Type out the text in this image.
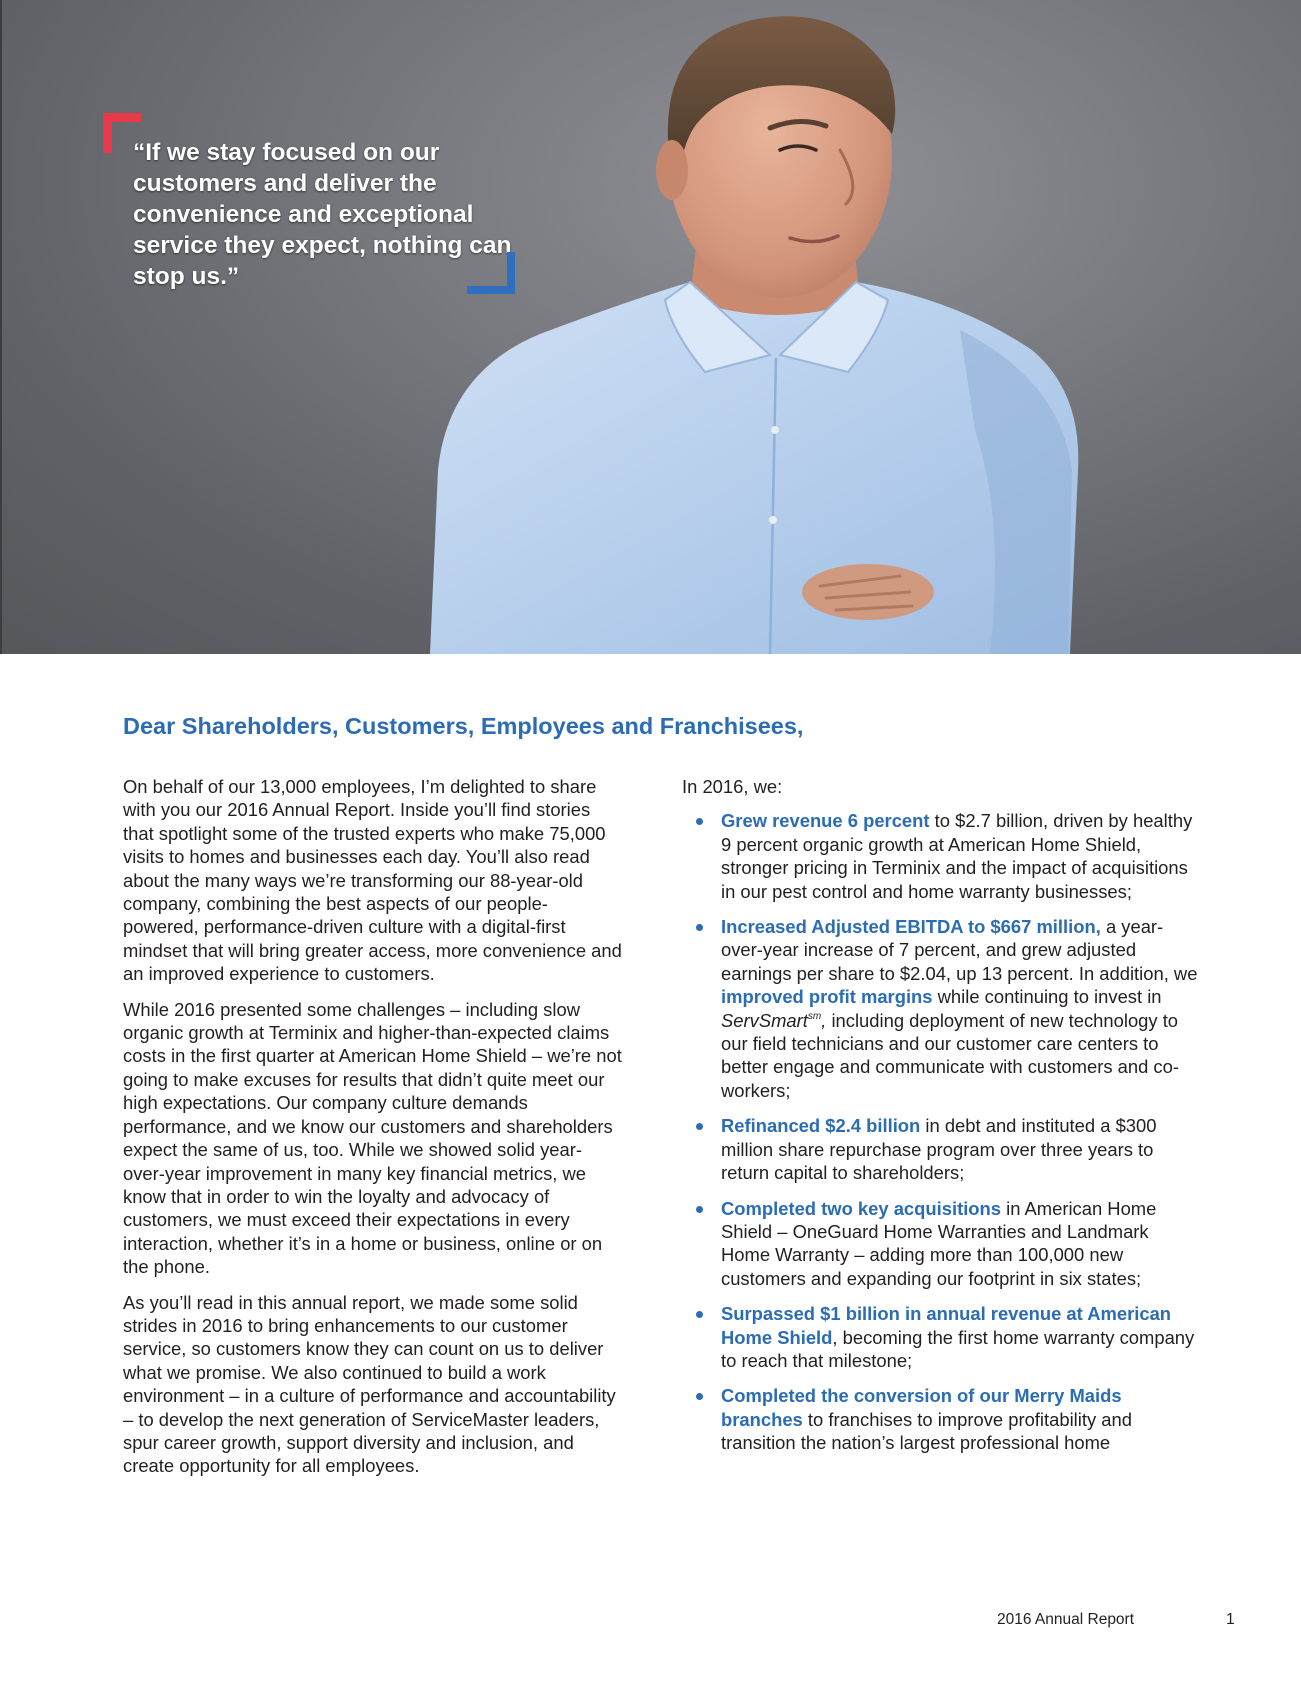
“If we stay focused on our customers and deliver the convenience and exceptional service they expect, nothing can stop us.”

Dear Shareholders, Customers, Employees and Franchisees,

On behalf of our 13,000 employees, I’m delighted to share with you our 2016 Annual Report. Inside you’ll find stories that spotlight some of the trusted experts who make 75,000 visits to homes and businesses each day. You’ll also read about the many ways we’re transforming our 88-year-old company, combining the best aspects of our people-powered, performance-driven culture with a digital-first mindset that will bring greater access, more convenience and an improved experience to customers.

While 2016 presented some challenges – including slow organic growth at Terminix and higher-than-expected claims costs in the first quarter at American Home Shield – we’re not going to make excuses for results that didn’t quite meet our high expectations. Our company culture demands performance, and we know our customers and shareholders expect the same of us, too. While we showed solid year-over-year improvement in many key financial metrics, we know that in order to win the loyalty and advocacy of customers, we must exceed their expectations in every interaction, whether it’s in a home or business, online or on the phone.

As you’ll read in this annual report, we made some solid strides in 2016 to bring enhancements to our customer service, so customers know they can count on us to deliver what we promise. We also continued to build a work environment – in a culture of performance and accountability – to develop the next generation of ServiceMaster leaders, spur career growth, support diversity and inclusion, and create opportunity for all employees.

In 2016, we:

Grew revenue 6 percent to $2.7 billion, driven by healthy 9 percent organic growth at American Home Shield, stronger pricing in Terminix and the impact of acquisitions in our pest control and home warranty businesses;
Increased Adjusted EBITDA to $667 million, a year-over-year increase of 7 percent, and grew adjusted earnings per share to $2.04, up 13 percent. In addition, we improved profit margins while continuing to invest in ServSmart$^{sm}$, including deployment of new technology to our field technicians and our customer care centers to better engage and communicate with customers and co-workers;
Refinanced $2.4 billion in debt and instituted a $300 million share repurchase program over three years to return capital to shareholders;
Completed two key acquisitions in American Home Shield – OneGuard Home Warranties and Landmark Home Warranty – adding more than 100,000 new customers and expanding our footprint in six states;
Surpassed $1 billion in annual revenue at American Home Shield, becoming the first home warranty company to reach that milestone;
Completed the conversion of our Merry Maids branches to franchises to improve profitability and transition the nation’s largest professional home
2016 Annual Report	1
